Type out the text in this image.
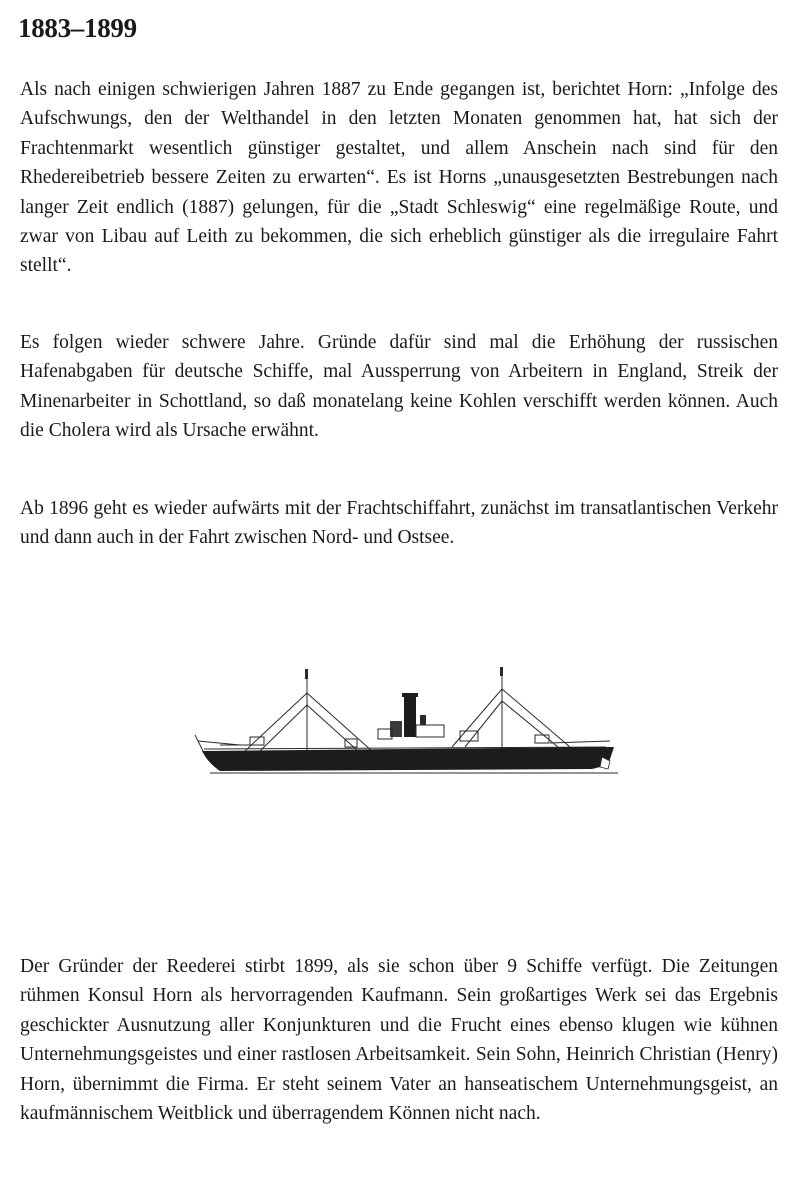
1883–1899

Als nach einigen schwierigen Jahren 1887 zu Ende gegangen ist, berichtet Horn: „Infolge des Aufschwungs, den der Welthandel in den letzten Monaten genommen hat, hat sich der Frachtenmarkt wesentlich günstiger gestaltet, und allem Anschein nach sind für den Rhedereibetrieb bessere Zeiten zu erwarten“. Es ist Horns „unausgesetzten Bestrebungen nach langer Zeit endlich (1887) gelungen, für die „Stadt Schleswig“ eine regelmäßige Route, und zwar von Libau auf Leith zu bekommen, die sich erheblich günstiger als die irregulaire Fahrt stellt“.

Es folgen wieder schwere Jahre. Gründe dafür sind mal die Erhöhung der russischen Hafenabgaben für deutsche Schiffe, mal Aussperrung von Arbeitern in England, Streik der Minenarbeiter in Schottland, so daß monatelang keine Kohlen verschifft werden können. Auch die Cholera wird als Ursache erwähnt.

Ab 1896 geht es wieder aufwärts mit der Frachtschiffahrt, zunächst im transatlantischen Verkehr und dann auch in der Fahrt zwischen Nord- und Ostsee.

Der Gründer der Reederei stirbt 1899, als sie schon über 9 Schiffe verfügt. Die Zeitungen rühmen Konsul Horn als hervorragenden Kaufmann. Sein großartiges Werk sei das Ergebnis geschickter Ausnutzung aller Konjunkturen und die Frucht eines ebenso klugen wie kühnen Unternehmungsgeistes und einer rastlosen Arbeitsamkeit. Sein Sohn, Heinrich Christian (Henry) Horn, übernimmt die Firma. Er steht seinem Vater an hanseatischem Unternehmungsgeist, an kaufmännischem Weitblick und überragendem Können nicht nach.
